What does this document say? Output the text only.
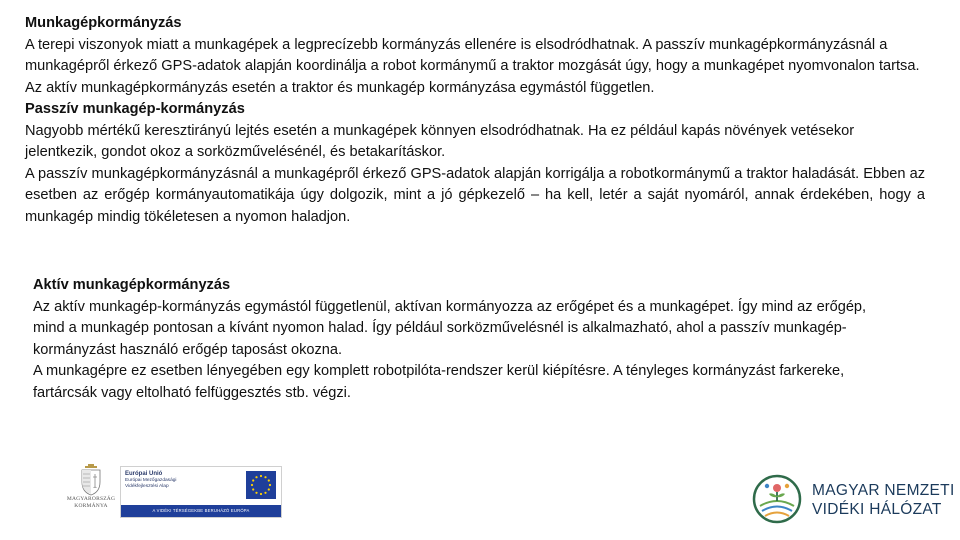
Munkagépkormányzás

A terepi viszonyok miatt a munkagépek a legprecízebb kormányzás ellenére is elsodródhatnak. A passzív munkagépkormányzásnál a munkagépről érkező GPS-adatok alapján koordinálja a robot kormánymű a traktor mozgását úgy, hogy a munkagépet nyomvonalon tartsa. Az aktív munkagépkormányzás esetén a traktor és munkagép kormányzása egymástól független.

Passzív munkagép-kormányzás

Nagyobb mértékű keresztirányú lejtés esetén a munkagépek könnyen elsodródhatnak. Ha ez például kapás növények vetésekor jelentkezik, gondot okoz a sorközművelésénél, és betakarításkor.

A passzív munkagépkormányzásnál a munkagépről érkező GPS-adatok alapján korrigálja a robotkormánymű a traktor haladását. Ebben az esetben az erőgép kormányautomatikája úgy dolgozik, mint a jó gépkezelő – ha kell, letér a saját nyomáról, annak érdekében, hogy a munkagép mindig tökéletesen a nyomon haladjon.

Aktív munkagépkormányzás

Az aktív munkagép-kormányzás egymástól függetlenül, aktívan kormányozza az erőgépet és a munkagépet. Így mind az erőgép, mind a munkagép pontosan a kívánt nyomon halad. Így például sorközművelésnél is alkalmazható, ahol a passzív munkagép-kormányzást használó erőgép taposást okozna.

A munkagépre ez esetben lényegében egy komplett robotpilóta-rendszer kerül kiépítésre. A tényleges kormányzást farkereke, fartárcsák vagy eltolható felfüggesztés stb. végzi.

MAGYARORSZÁG
KORMÁNYA
Európai Unió
Európai Mezőgazdasági
Vidékfejlesztési Alap
A VIDÉKI TÉRSÉGEKBE BERUHÁZÓ EURÓPA
MAGYAR NEMZETI
VIDÉKI HÁLÓZAT
